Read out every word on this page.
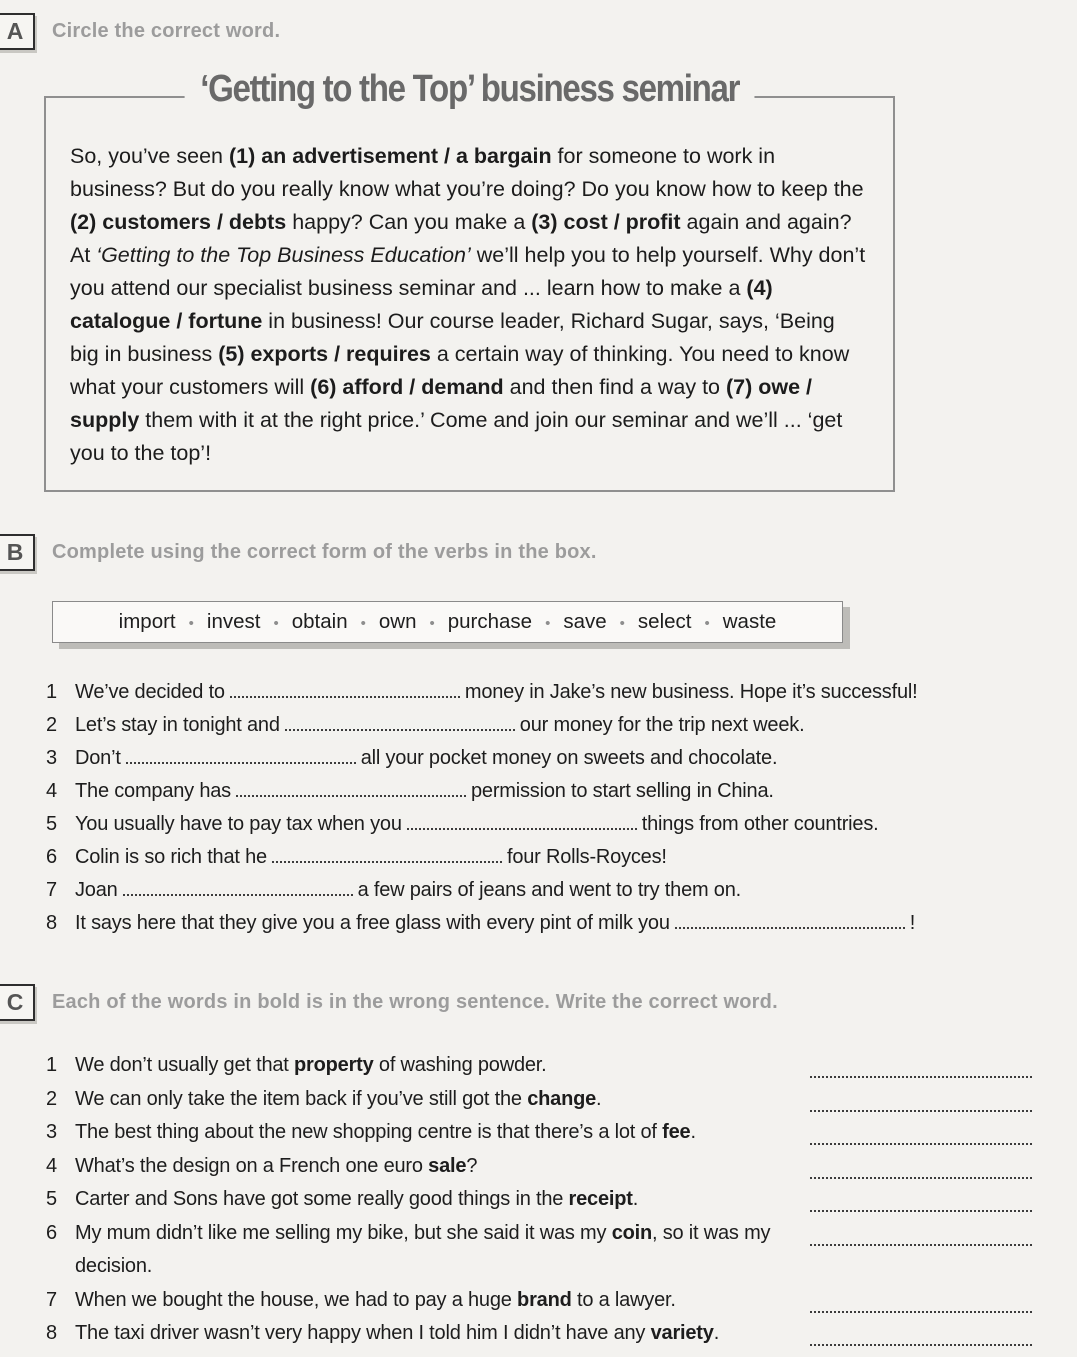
A	Circle the correct word.
‘Getting to the Top’ business seminar
So, you’ve seen (1) an advertisement / a bargain for someone to work in business? But do you really know what you’re doing? Do you know how to keep the (2) customers / debts happy? Can you make a (3) cost / profit again and again? At ‘Getting to the Top Business Education’ we’ll help you to help yourself. Why don’t you attend our specialist business seminar and ... learn how to make a (4) catalogue / fortune in business! Our course leader, Richard Sugar, says, ‘Being big in business (5) exports / requires a certain way of thinking. You need to know what your customers will (6) afford / demand and then find a way to (7) owe / supply them with it at the right price.’ Come and join our seminar and we’ll ... ‘get you to the top’!
B	Complete using the correct form of the verbs in the box.
import • invest • obtain • own • purchase • save • select • waste
1 We’ve decided to	money in Jake’s new business. Hope it’s successful!
2 Let’s stay in tonight and	our money for the trip next week.
3 Don’t	all your pocket money on sweets and chocolate.
4 The company has	permission to start selling in China.
5 You usually have to pay tax when you	things from other countries.
6 Colin is so rich that he	four Rolls-Royces!
7 Joan	a few pairs of jeans and went to try them on.
8 It says here that they give you a free glass with every pint of milk you	!
C	Each of the words in bold is in the wrong sentence. Write the correct word.
1 We don’t usually get that property of washing powder.
2 We can only take the item back if you’ve still got the change.
3 The best thing about the new shopping centre is that there’s a lot of fee.
4 What’s the design on a French one euro sale?
5 Carter and Sons have got some really good things in the receipt.
6 My mum didn’t like me selling my bike, but she said it was my coin, so it was my decision.
7 When we bought the house, we had to pay a huge brand to a lawyer.
8 The taxi driver wasn’t very happy when I told him I didn’t have any variety.
